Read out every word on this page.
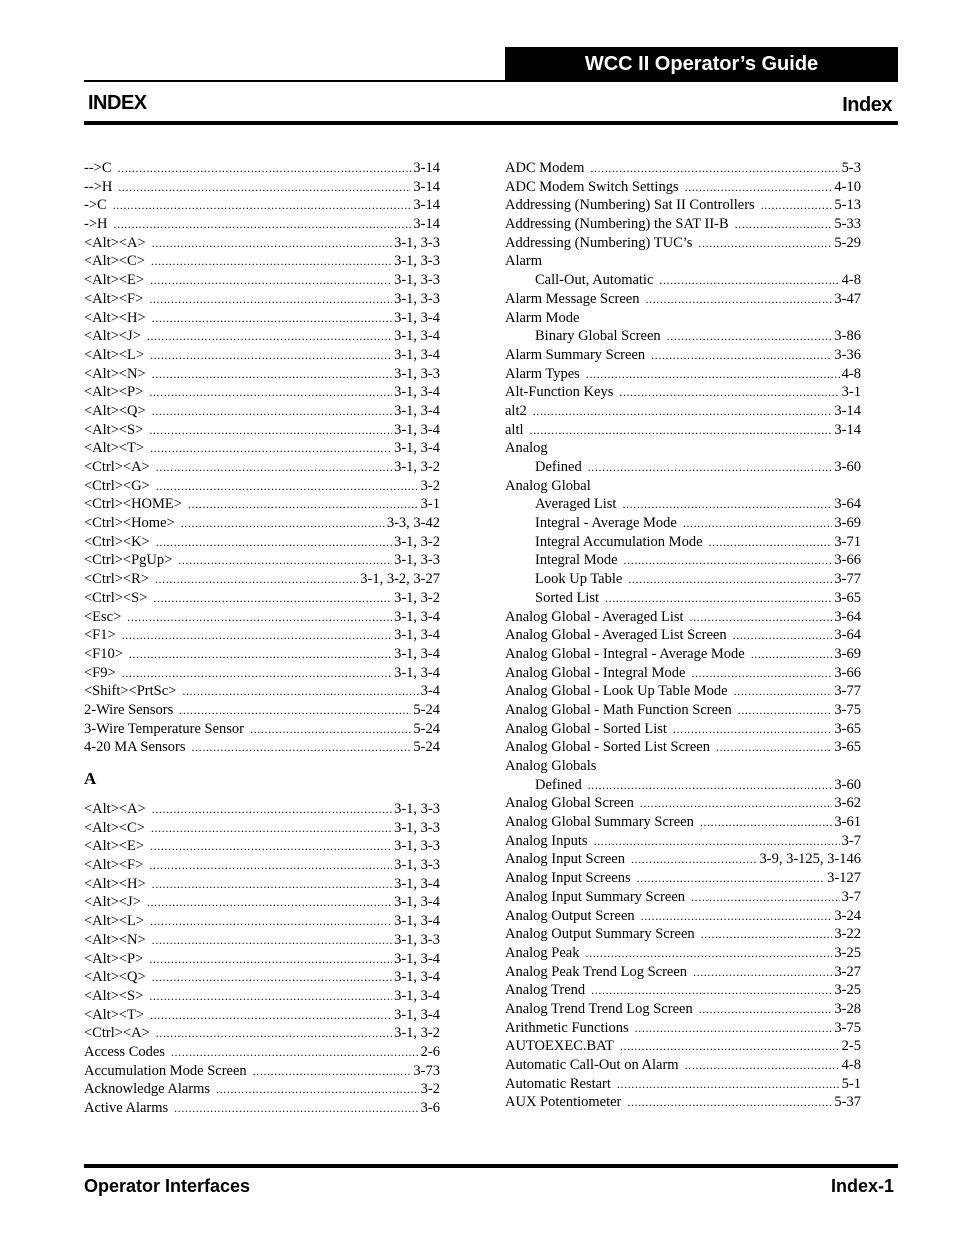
WCC II Operator’s Guide
INDEX	Index
-->C .....	3-14
-->H .....	3-14
->C .....	3-14
->H .....	3-14
<Alt><A> .....	3-1, 3-3
<Alt><C> .....	3-1, 3-3
<Alt><E> .....	3-1, 3-3
<Alt><F> .....	3-1, 3-3
<Alt><H> .....	3-1, 3-4
<Alt><J> .....	3-1, 3-4
<Alt><L> .....	3-1, 3-4
<Alt><N> .....	3-1, 3-3
<Alt><P> .....	3-1, 3-4
<Alt><Q> .....	3-1, 3-4
<Alt><S> .....	3-1, 3-4
<Alt><T> .....	3-1, 3-4
<Ctrl><A> .....	3-1, 3-2
<Ctrl><G> .....	3-2
<Ctrl><HOME> .....	3-1
<Ctrl><Home> .....	3-3, 3-42
<Ctrl><K> .....	3-1, 3-2
<Ctrl><PgUp> .....	3-1, 3-3
<Ctrl><R> .....	3-1, 3-2, 3-27
<Ctrl><S> .....	3-1, 3-2
<Esc> .....	3-1, 3-4
<F1> .....	3-1, 3-4
<F10> .....	3-1, 3-4
<F9> .....	3-1, 3-4
<Shift><PrtSc> .....	3-4
2-Wire Sensors .....	5-24
3-Wire Temperature Sensor .....	5-24
4-20 MA Sensors .....	5-24
A
<Alt><A> .....	3-1, 3-3
<Alt><C> .....	3-1, 3-3
<Alt><E> .....	3-1, 3-3
<Alt><F> .....	3-1, 3-3
<Alt><H> .....	3-1, 3-4
<Alt><J> .....	3-1, 3-4
<Alt><L> .....	3-1, 3-4
<Alt><N> .....	3-1, 3-3
<Alt><P> .....	3-1, 3-4
<Alt><Q> .....	3-1, 3-4
<Alt><S> .....	3-1, 3-4
<Alt><T> .....	3-1, 3-4
<Ctrl><A> .....	3-1, 3-2
Access Codes .....	2-6
Accumulation Mode Screen .....	3-73
Acknowledge Alarms .....	3-2
Active Alarms .....	3-6
ADC Modem .....	5-3
ADC Modem Switch Settings .....	4-10
Addressing (Numbering) Sat II Controllers .....	5-13
Addressing (Numbering) the SAT II-B .....	5-33
Addressing (Numbering) TUC’s .....	5-29
Alarm
Call-Out, Automatic .....	4-8
Alarm Message Screen .....	3-47
Alarm Mode
Binary Global Screen .....	3-86
Alarm Summary Screen .....	3-36
Alarm Types .....	4-8
Alt-Function Keys .....	3-1
alt2 .....	3-14
altl .....	3-14
Analog
Defined .....	3-60
Analog Global
Averaged List .....	3-64
Integral - Average Mode .....	3-69
Integral Accumulation Mode .....	3-71
Integral Mode .....	3-66
Look Up Table .....	3-77
Sorted List .....	3-65
Analog Global - Averaged List .....	3-64
Analog Global - Averaged List Screen .....	3-64
Analog Global - Integral - Average Mode .....	3-69
Analog Global - Integral Mode .....	3-66
Analog Global - Look Up Table Mode .....	3-77
Analog Global - Math Function Screen .....	3-75
Analog Global - Sorted List .....	3-65
Analog Global - Sorted List Screen .....	3-65
Analog Globals
Defined .....	3-60
Analog Global Screen .....	3-62
Analog Global Summary Screen .....	3-61
Analog Inputs .....	3-7
Analog Input Screen .....	3-9, 3-125, 3-146
Analog Input Screens .....	3-127
Analog Input Summary Screen .....	3-7
Analog Output Screen .....	3-24
Analog Output Summary Screen .....	3-22
Analog Peak .....	3-25
Analog Peak Trend Log Screen .....	3-27
Analog Trend .....	3-25
Analog Trend Trend Log Screen .....	3-28
Arithmetic Functions .....	3-75
AUTOEXEC.BAT .....	2-5
Automatic Call-Out on Alarm .....	4-8
Automatic Restart .....	5-1
AUX Potentiometer .....	5-37
Operator Interfaces	Index-1
